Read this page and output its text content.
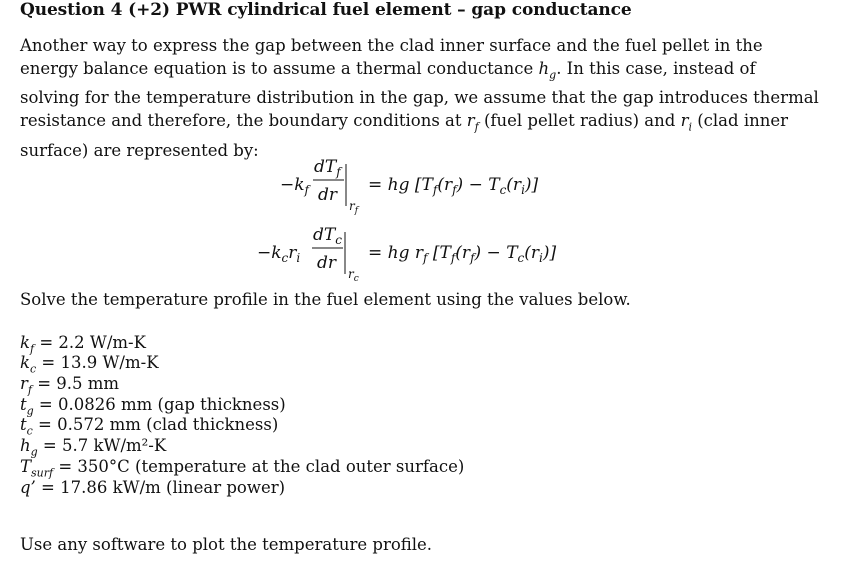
Question 4 (+2) PWR cylindrical fuel element – gap conductance
Another way to express the gap between the clad inner surface and the fuel pellet in the energy balance equation is to assume a thermal conductance $h_g$. In this case, instead of solving for the temperature distribution in the gap, we assume that the gap introduces thermal resistance and therefore, the boundary conditions at $r_f$ (fuel pellet radius) and $r_i$ (clad inner surface) are represented by:
$-k_f$
$dT_f$
dr
rf
= hg $[T_f(r_f) - T_c(r_i)]$
$-k_cr_i$
$dT_c$
dr
rc
= hg $r_f$ $[T_f(r_f) - T_c(r_i)]$
Solve the temperature profile in the fuel element using the values below.
$k_f = 2.2$ W/m-K
$k_c = 13.9$ W/m-K
$r_f = 9.5$ mm
$t_g = 0.0826$ mm (gap thickness)
$t_c = 0.572$ mm (clad thickness)
$h_g = 5.7$ kW/m²-K
$T_{surf} = 350^\circ C$ (temperature at the clad outer surface)
q’ = 17.86 kW/m (linear power)
Use any software to plot the temperature profile.
